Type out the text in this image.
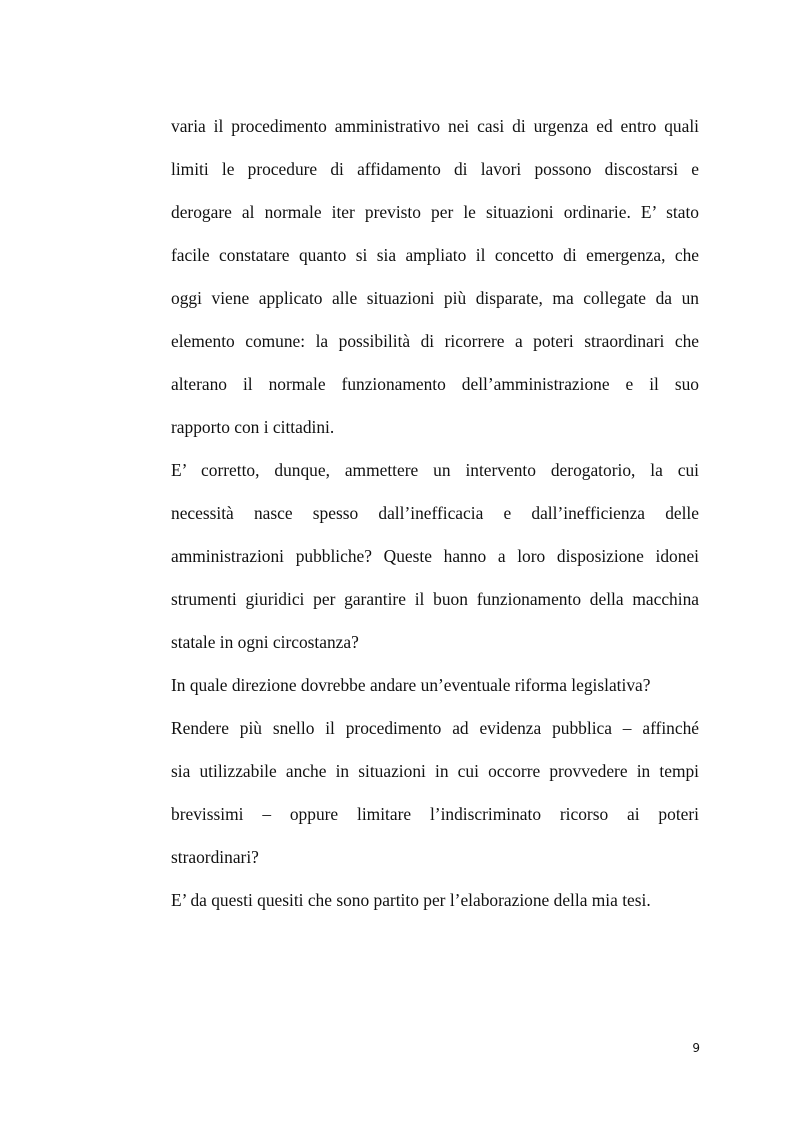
varia il procedimento amministrativo nei casi di urgenza ed entro quali
limiti le procedure di affidamento di lavori possono discostarsi e
derogare al normale iter previsto per le situazioni ordinarie. E’ stato
facile constatare quanto si sia ampliato il concetto di emergenza, che
oggi viene applicato alle situazioni più disparate, ma collegate da un
elemento comune: la possibilità di ricorrere a poteri straordinari che
alterano il normale funzionamento dell’amministrazione e il suo
rapporto con i cittadini.
E’ corretto, dunque, ammettere un intervento derogatorio, la cui
necessità nasce spesso dall’inefficacia e dall’inefficienza delle
amministrazioni pubbliche? Queste hanno a loro disposizione idonei
strumenti giuridici per garantire il buon funzionamento della macchina
statale in ogni circostanza?
In quale direzione dovrebbe andare un’eventuale riforma legislativa?
Rendere più snello il procedimento ad evidenza pubblica – affinché
sia utilizzabile anche in situazioni in cui occorre provvedere in tempi
brevissimi – oppure limitare l’indiscriminato ricorso ai poteri
straordinari?
E’ da questi quesiti che sono partito per l’elaborazione della mia tesi.
9
